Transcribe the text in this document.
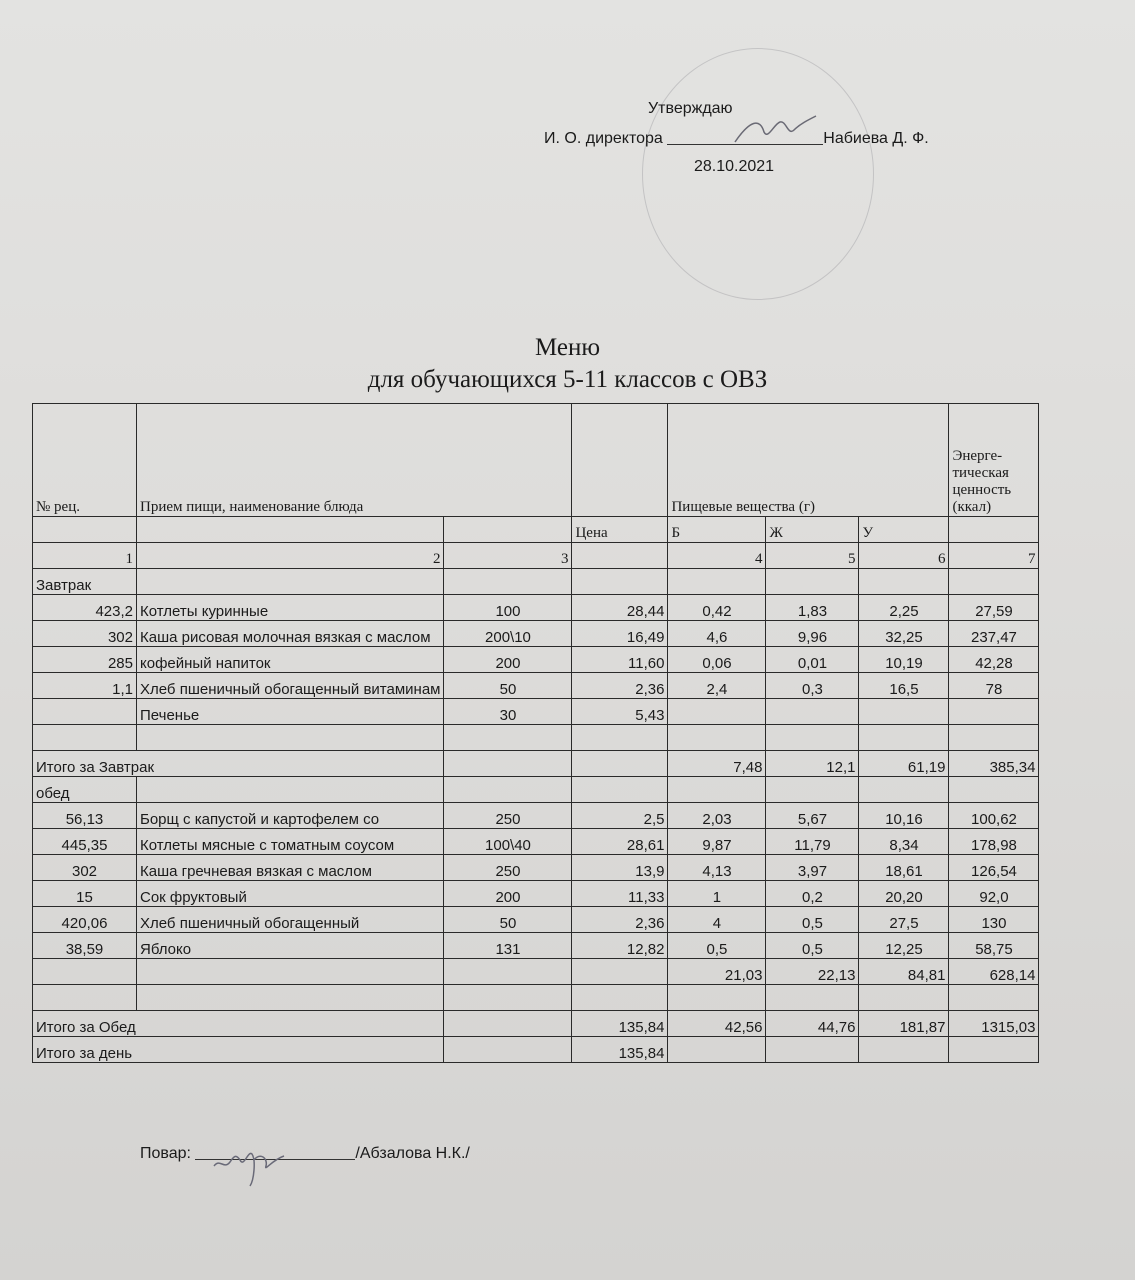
Утверждаю
И. О. директора	Набиева Д. Ф.
28.10.2021
Меню
для обучающихся 5-11 классов с ОВЗ
№ рец.	Прием пищи, наименование блюда			Пищевые вещества (г)			Энерге-тическая ценность (ккал)
			Цена	Б	Ж	У	
1	2	3		4	5	6	7
Завтрак							
423,2	Котлеты куринные	100	28,44	0,42	1,83	2,25	27,59
302	Каша рисовая молочная вязкая с маслом	200\10	16,49	4,6	9,96	32,25	237,47
285	кофейный напиток	200	11,60	0,06	0,01	10,19	42,28
1,1	Хлеб пшеничный обогащенный витаминам	50	2,36	2,4	0,3	16,5	78
	Печенье	30	5,43				

Итого за Завтрак				7,48	12,1	61,19	385,34
обед							
56,13	Борщ с капустой и картофелем со	250	2,5	2,03	5,67	10,16	100,62
445,35	Котлеты мясные с томатным соусом	100\40	28,61	9,87	11,79	8,34	178,98
302	Каша гречневая вязкая с маслом	250	13,9	4,13	3,97	18,61	126,54
15	Сок фруктовый	200	11,33	1	0,2	20,20	92,0
420,06	Хлеб пшеничный обогащенный	50	2,36	4	0,5	27,5	130
38,59	Яблоко	131	12,82	0,5	0,5	12,25	58,75
				21,03	22,13	84,81	628,14

Итого за Обед			135,84	42,56	44,76	181,87	1315,03
Итого за день			135,84				
Повар:	/Абзалова Н.К./
